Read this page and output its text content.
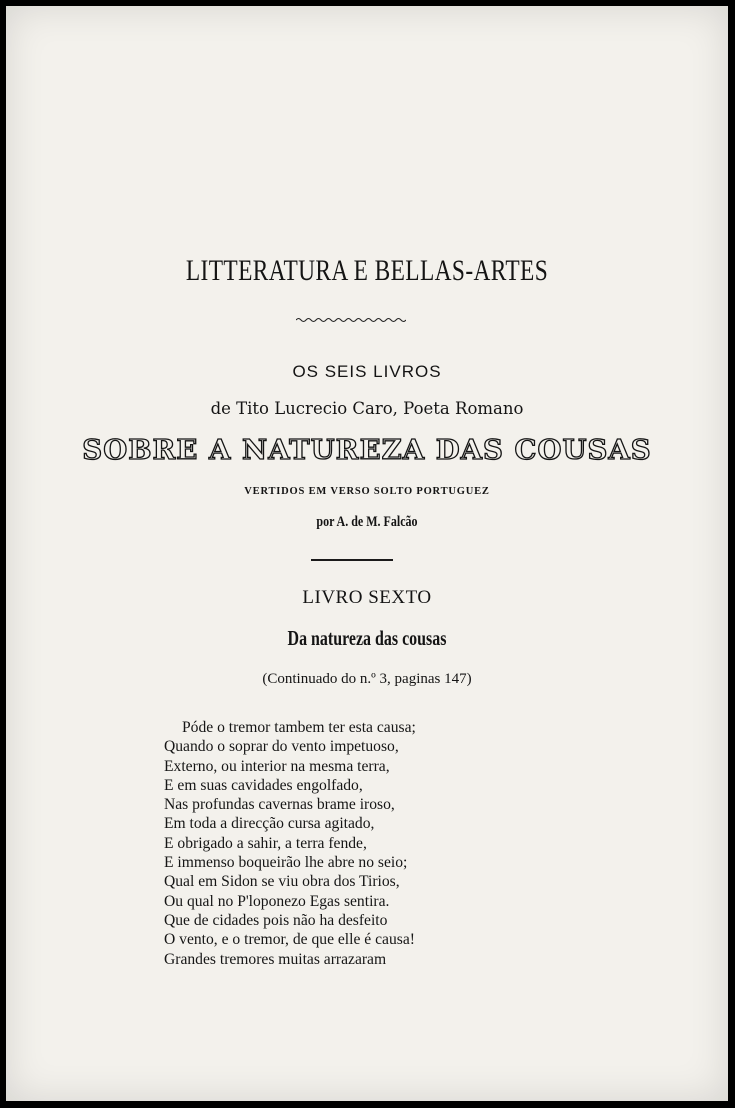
LITTERATURA E BELLAS-ARTES
OS SEIS LIVROS
de Tito Lucrecio Caro, Poeta Romano
SOBRE A NATUREZA DAS COUSAS
VERTIDOS EM VERSO SOLTO PORTUGUEZ
por A. de M. Falcão
LIVRO SEXTO
Da natureza das cousas
(Continuado do n.º 3, paginas 147)
Póde o tremor tambem ter esta causa;
Quando o soprar do vento impetuoso,
Externo, ou interior na mesma terra,
E em suas cavidades engolfado,
Nas profundas cavernas brame iroso,
Em toda a direcção cursa agitado,
E obrigado a sahir, a terra fende,
E immenso boqueirão lhe abre no seio;
Qual em Sidon se viu obra dos Tirios,
Ou qual no P'loponezo Egas sentira.
Que de cidades pois não ha desfeito
O vento, e o tremor, de que elle é causa!
Grandes tremores muitas arrazaram
